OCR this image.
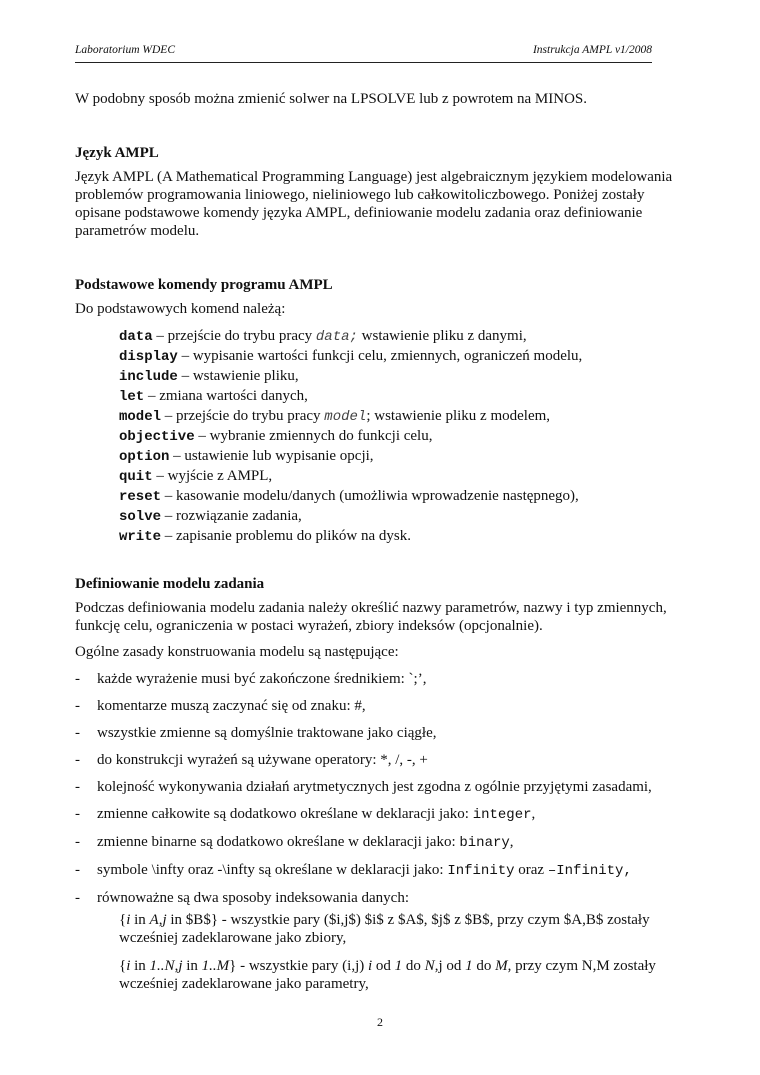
Laboratorium WDEC	Instrukcja AMPL v1/2008

W podobny sposób można zmienić solwer na LPSOLVE lub z powrotem na MINOS.

Język AMPL

Język AMPL (A Mathematical Programming Language) jest algebraicznym językiem modelowania problemów programowania liniowego, nieliniowego lub całkowitoliczbowego. Poniżej zostały opisane podstawowe komendy języka AMPL, definiowanie modelu zadania oraz definiowanie parametrów modelu.

Podstawowe komendy programu AMPL

Do podstawowych komend należą:

data – przejście do trybu pracy data; wstawienie pliku z danymi,
display – wypisanie wartości funkcji celu, zmiennych, ograniczeń modelu,
include – wstawienie pliku,
let – zmiana wartości danych,
model – przejście do trybu pracy model; wstawienie pliku z modelem,
objective – wybranie zmiennych do funkcji celu,
option – ustawienie lub wypisanie opcji,
quit – wyjście z AMPL,
reset – kasowanie modelu/danych (umożliwia wprowadzenie następnego),
solve – rozwiązanie zadania,
write – zapisanie problemu do plików na dysk.

Definiowanie modelu zadania

Podczas definiowania modelu zadania należy określić nazwy parametrów, nazwy i typ zmiennych, funkcję celu, ograniczenia w postaci wyrażeń, zbiory indeksów (opcjonalnie).

Ogólne zasady konstruowania modelu są następujące:

-	każde wyrażenie musi być zakończone średnikiem: `;’,
-	komentarze muszą zaczynać się od znaku: #,
-	wszystkie zmienne są domyślnie traktowane jako ciągłe,
-	do konstrukcji wyrażeń są używane operatory: *, /, -, +
-	kolejność wykonywania działań arytmetycznych jest zgodna z ogólnie przyjętymi zasadami,
-	zmienne całkowite są dodatkowo określane w deklaracji jako: integer,
-	zmienne binarne są dodatkowo określane w deklaracji jako: binary,
-	symbole \infty oraz -\infty są określane w deklaracji jako: Infinity oraz –Infinity,
-	równoważne są dwa sposoby indeksowania danych:

{i in A,j in $B$} - wszystkie pary ($i,j$) $i$ z $A$, $j$ z $B$, przy czym $A,B$ zostały wcześniej zadeklarowane jako zbiory,

{i in 1..N,j in 1..M} - wszystkie pary (i,j) i od 1 do N,j od 1 do M, przy czym N,M zostały wcześniej zadeklarowane jako parametry,

2
